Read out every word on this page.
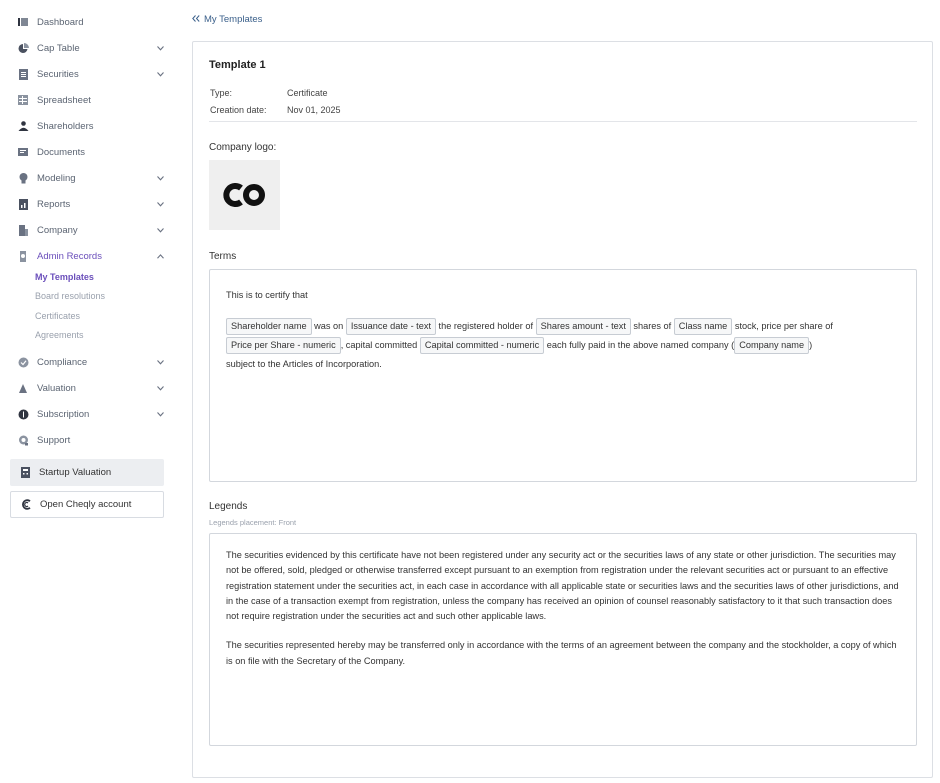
Dashboard
Cap Table
Securities
Spreadsheet
Shareholders
Documents
Modeling
Reports
Company
Admin Records
My Templates
Board resolutions
Certificates
Agreements
Compliance
Valuation
Subscription
Support
Startup Valuation
Open Cheqly account
My Templates
Template 1
Type:	Certificate
Creation date:	Nov 01, 2025
Company logo:
Terms
This is to certify that
Shareholder name was on Issuance date - text the registered holder of Shares amount - text shares of Class name stock, price per share of
Price per Share - numeric , capital committed Capital committed - numeric each fully paid in the above named company ( Company name )
subject to the Articles of Incorporation.
Legends
Legends placement: Front

The securities evidenced by this certificate have not been registered under any security act or the securities laws of any state or other jurisdiction. The securities may not be offered, sold, pledged or otherwise transferred except pursuant to an exemption from registration under the relevant securities act or pursuant to an effective registration statement under the securities act, in each case in accordance with all applicable state or securities laws and the securities laws of other jurisdictions, and in the case of a transaction exempt from registration, unless the company has received an opinion of counsel reasonably satisfactory to it that such transaction does not require registration under the securities act and such other applicable laws.

The securities represented hereby may be transferred only in accordance with the terms of an agreement between the company and the stockholder, a copy of which is on file with the Secretary of the Company.
